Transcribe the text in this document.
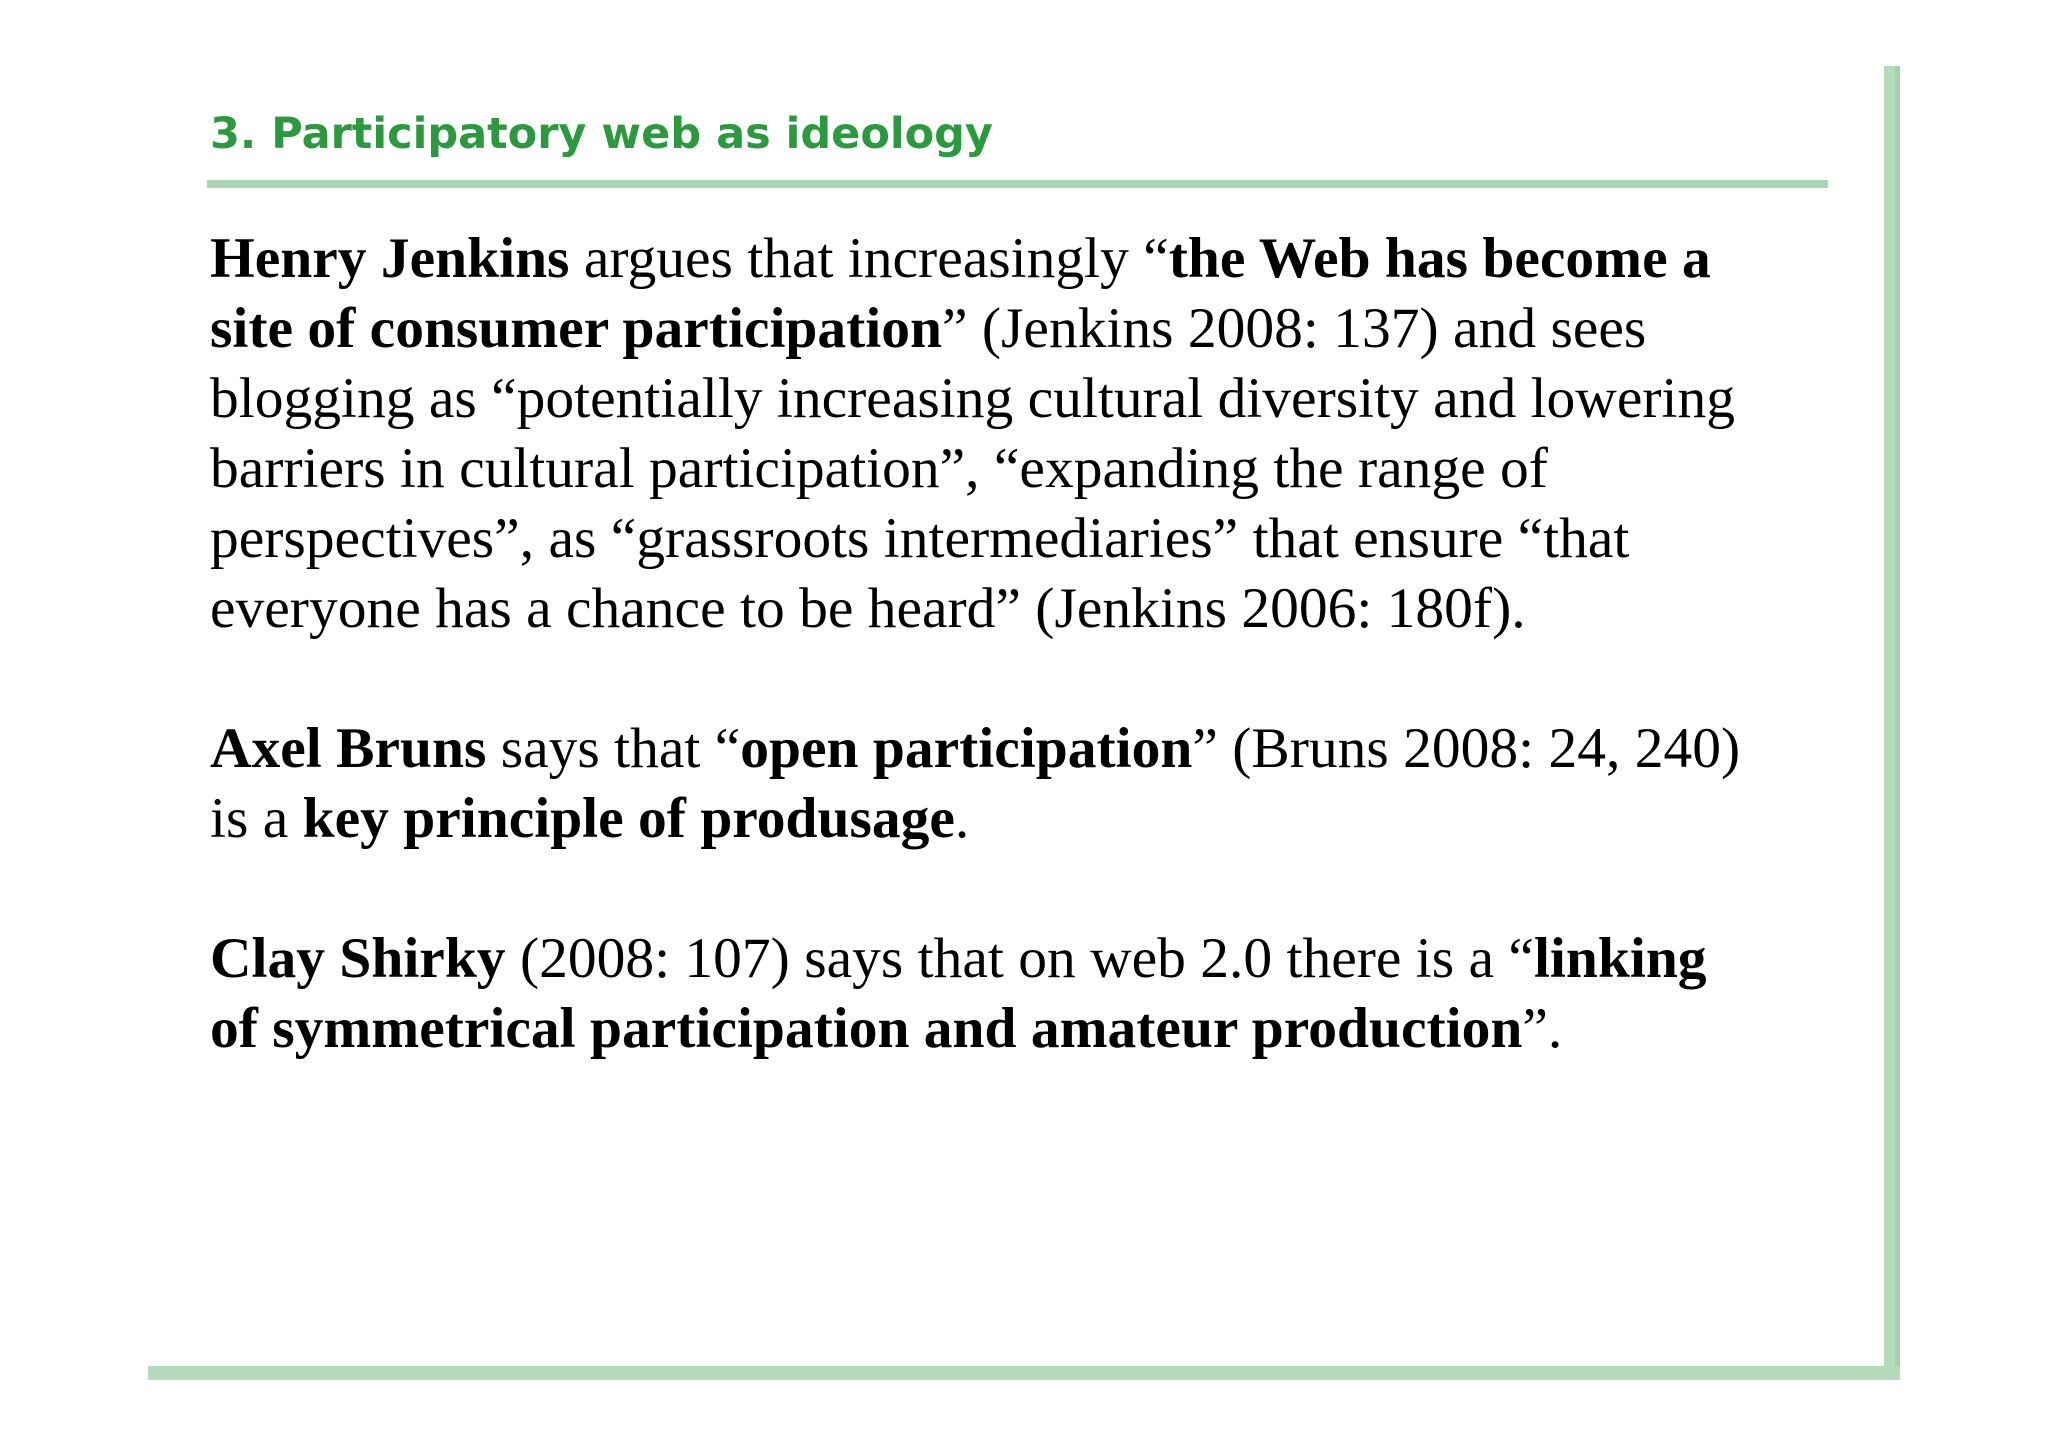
3. Participatory web as ideology

Henry Jenkins argues that increasingly “the Web has become a
site of consumer participation” (Jenkins 2008: 137) and sees
blogging as “potentially increasing cultural diversity and lowering
barriers in cultural participation”, “expanding the range of
perspectives”, as “grassroots intermediaries” that ensure “that
everyone has a chance to be heard” (Jenkins 2006: 180f).

Axel Bruns says that “open participation” (Bruns 2008: 24, 240)
is a key principle of produsage.

Clay Shirky (2008: 107) says that on web 2.0 there is a “linking
of symmetrical participation and amateur production”.
